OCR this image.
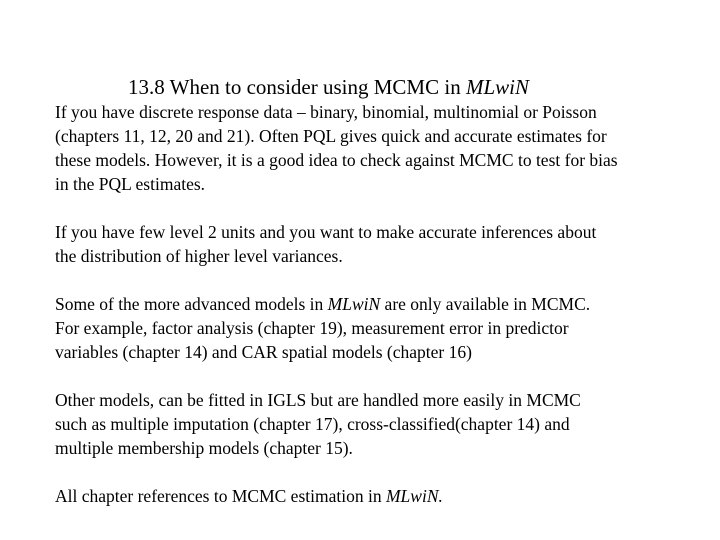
13.8 When to consider using MCMC in MLwiN

If you have discrete response data – binary, binomial, multinomial or Poisson
(chapters 11, 12, 20 and 21). Often PQL gives quick and accurate estimates for
these models. However, it is a good idea to check against MCMC to test for bias
in the PQL estimates.

If you have few level 2 units and you want to make accurate inferences about
the distribution of higher level variances.

Some of the more advanced models in MLwiN are only available in MCMC.
For example, factor analysis (chapter 19), measurement error in predictor
variables (chapter 14) and CAR spatial models (chapter 16)

Other models, can be fitted in IGLS but are handled more easily in MCMC
such as multiple imputation (chapter 17), cross-classified(chapter 14) and
multiple membership models (chapter 15).

All chapter references to MCMC estimation in MLwiN.
